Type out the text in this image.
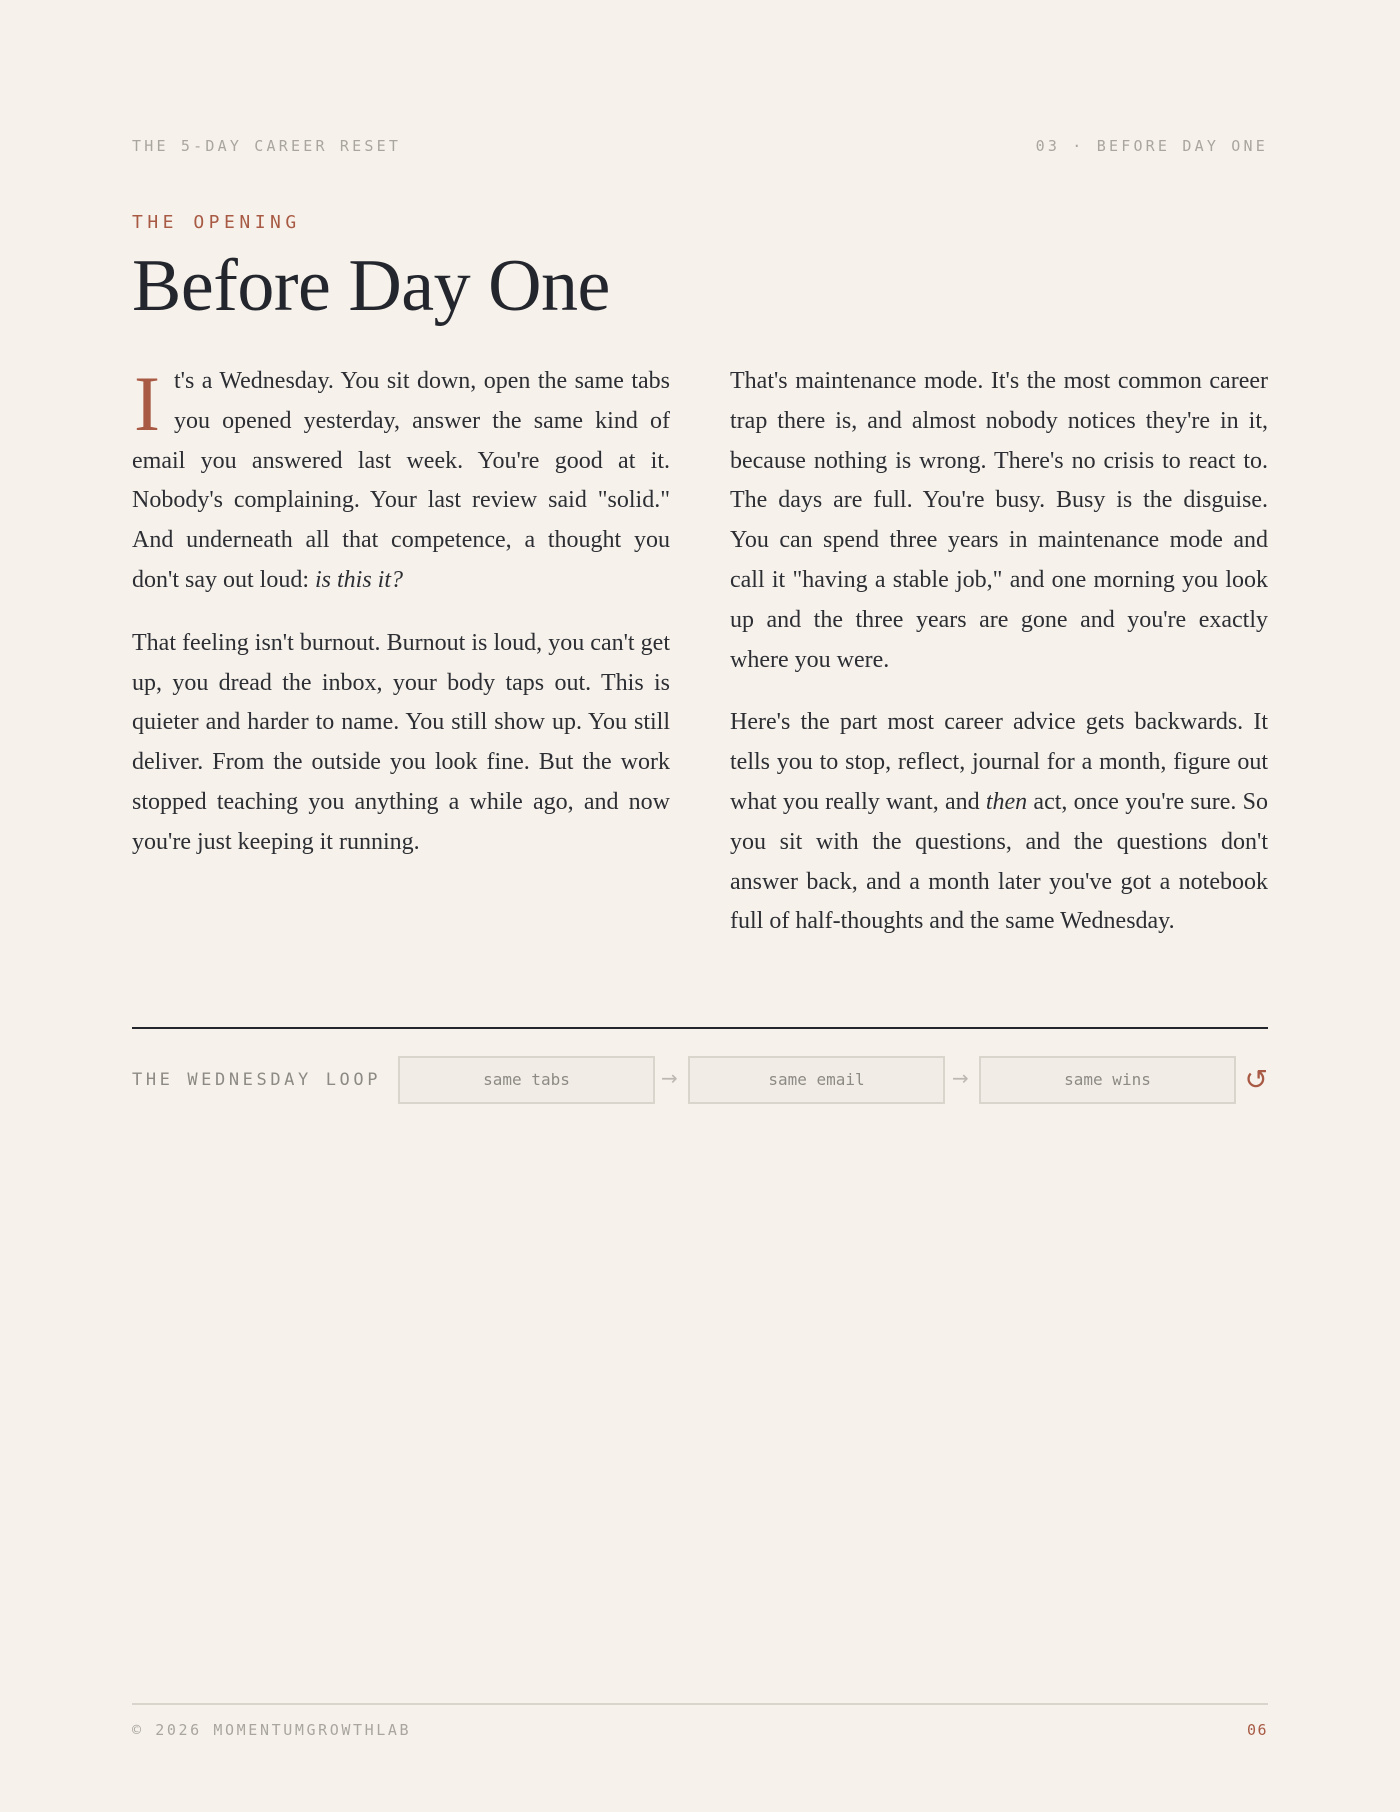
THE 5-DAY CAREER RESET	03 · BEFORE DAY ONE
THE OPENING
Before Day One

It's a Wednesday. You sit down, open the same tabs you opened yesterday, answer the same kind of email you answered last week. You're good at it. Nobody's complaining. Your last review said "solid." And underneath all that competence, a thought you don't say out loud: is this it?

That feeling isn't burnout. Burnout is loud, you can't get up, you dread the inbox, your body taps out. This is quieter and harder to name. You still show up. You still deliver. From the outside you look fine. But the work stopped teaching you anything a while ago, and now you're just keeping it running.

That's maintenance mode. It's the most common career trap there is, and almost nobody notices they're in it, because nothing is wrong. There's no crisis to react to. The days are full. You're busy. Busy is the disguise. You can spend three years in maintenance mode and call it "having a stable job," and one morning you look up and the three years are gone and you're exactly where you were.

Here's the part most career advice gets backwards. It tells you to stop, reflect, journal for a month, figure out what you really want, and then act, once you're sure. So you sit with the questions, and the questions don't answer back, and a month later you've got a notebook full of half-thoughts and the same Wednesday.

THE WEDNESDAY LOOP	same tabs	→	same email	→	same wins	↺
© 2026 MOMENTUMGROWTHLAB	06
